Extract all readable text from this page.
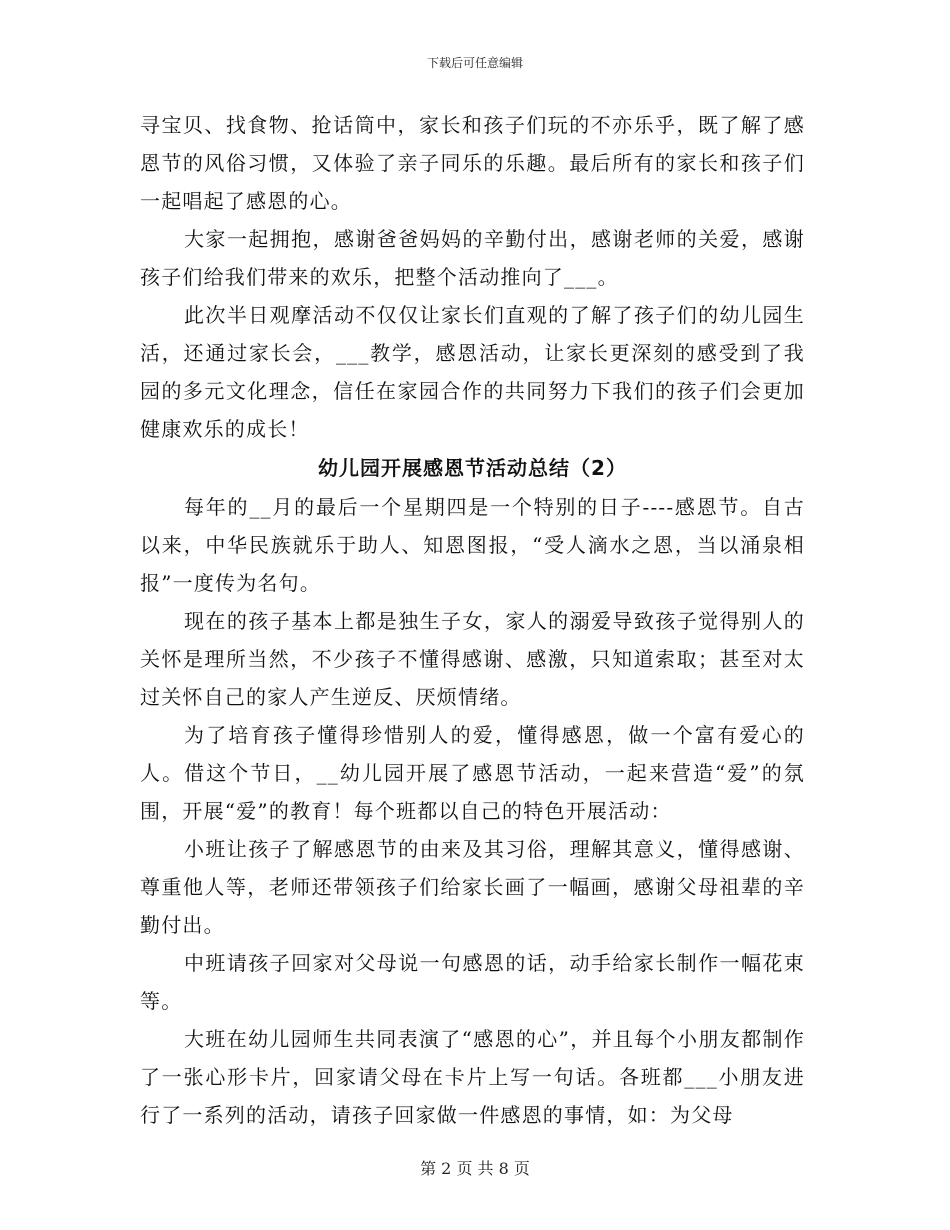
下载后可任意编辑

寻宝贝、找食物、抢话筒中，家长和孩子们玩的不亦乐乎，既了解了感恩节的风俗习惯，又体验了亲子同乐的乐趣。最后所有的家长和孩子们一起唱起了感恩的心。

大家一起拥抱，感谢爸爸妈妈的辛勤付出，感谢老师的关爱，感谢孩子们给我们带来的欢乐，把整个活动推向了___。

此次半日观摩活动不仅仅让家长们直观的了解了孩子们的幼儿园生活，还通过家长会，___教学，感恩活动，让家长更深刻的感受到了我园的多元文化理念，信任在家园合作的共同努力下我们的孩子们会更加健康欢乐的成长！

幼儿园开展感恩节活动总结（2）

每年的__月的最后一个星期四是一个特别的日子----感恩节。自古以来，中华民族就乐于助人、知恩图报，“受人滴水之恩，当以涌泉相报”一度传为名句。

现在的孩子基本上都是独生子女，家人的溺爱导致孩子觉得别人的关怀是理所当然，不少孩子不懂得感谢、感激，只知道索取；甚至对太过关怀自己的家人产生逆反、厌烦情绪。

为了培育孩子懂得珍惜别人的爱，懂得感恩，做一个富有爱心的人。借这个节日，__幼儿园开展了感恩节活动，一起来营造“爱”的氛围，开展“爱”的教育！每个班都以自己的特色开展活动：

小班让孩子了解感恩节的由来及其习俗，理解其意义，懂得感谢、尊重他人等，老师还带领孩子们给家长画了一幅画，感谢父母祖辈的辛勤付出。

中班请孩子回家对父母说一句感恩的话，动手给家长制作一幅花束等。

大班在幼儿园师生共同表演了“感恩的心”，并且每个小朋友都制作了一张心形卡片，回家请父母在卡片上写一句话。各班都___小朋友进行了一系列的活动，请孩子回家做一件感恩的事情，如：为父母

第 2 页 共 8 页
